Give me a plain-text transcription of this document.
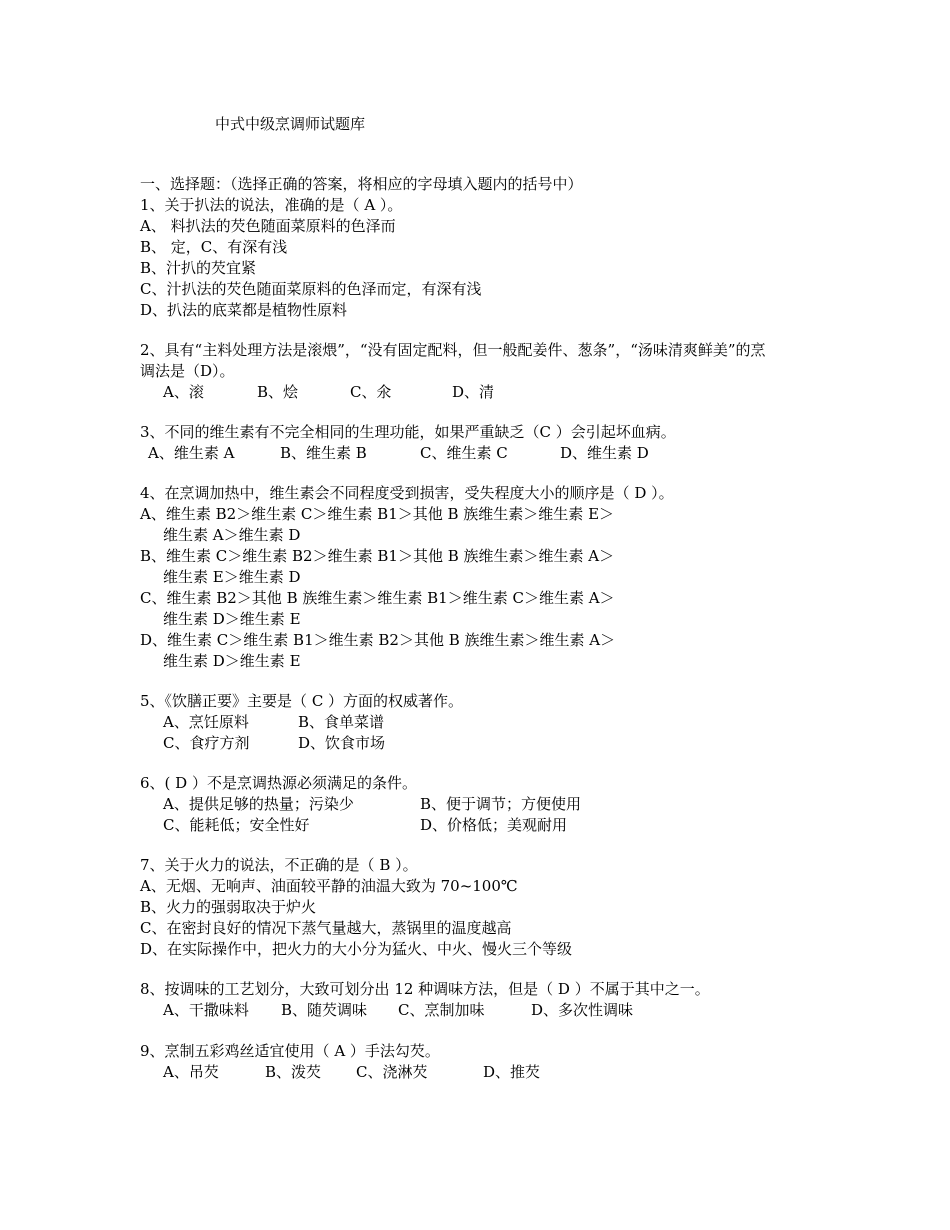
中式中级烹调师试题库
一、选择题：（选择正确的答案，将相应的字母填入题内的括号中）
1、关于扒法的说法，准确的是（ A ）。
A、 料扒法的芡色随面菜原料的色泽而
B、 定，C、有深有浅
B、汁扒的芡宜紧
C、汁扒法的芡色随面菜原料的色泽而定，有深有浅
D、扒法的底菜都是植物性原料
2、具有“主料处理方法是滚煨”，“没有固定配料，但一般配姜件、葱条”，“汤味清爽鲜美”的烹
调法是（D）。
A、滚	B、烩	C、氽	D、清
3、不同的维生素有不完全相同的生理功能，如果严重缺乏（C ）会引起坏血病。
A、维生素 A	B、维生素 B	C、维生素 C	D、维生素 D
4、在烹调加热中，维生素会不同程度受到损害，受失程度大小的顺序是（ D ）。
A、维生素 B2＞维生素 C＞维生素 B1＞其他 B 族维生素＞维生素 E＞
维生素 A＞维生素 D
B、维生素 C＞维生素 B2＞维生素 B1＞其他 B 族维生素＞维生素 A＞
维生素 E＞维生素 D
C、维生素 B2＞其他 B 族维生素＞维生素 B1＞维生素 C＞维生素 A＞
维生素 D＞维生素 E
D、维生素 C＞维生素 B1＞维生素 B2＞其他 B 族维生素＞维生素 A＞
维生素 D＞维生素 E
5、《饮膳正要》主要是（ C ）方面的权威著作。
A、烹饪原料	B、食单菜谱
C、食疗方剂	D、饮食市场
6、( D ）不是烹调热源必须满足的条件。
A、提供足够的热量；污染少	B、便于调节；方便使用
C、能耗低；安全性好	D、价格低；美观耐用
7、关于火力的说法，不正确的是（ B ）。
A、无烟、无响声、油面较平静的油温大致为 70~100℃
B、火力的强弱取决于炉火
C、在密封良好的情况下蒸气量越大，蒸锅里的温度越高
D、在实际操作中，把火力的大小分为猛火、中火、慢火三个等级
8、按调味的工艺划分，大致可划分出 12 种调味方法，但是（ D ）不属于其中之一。
A、干撒味料 B、随芡调味 C、烹制加味	D、多次性调味
9、烹制五彩鸡丝适宜使用（ A ）手法勾芡。
A、吊芡	B、泼芡 C、浇淋芡	D、推芡
